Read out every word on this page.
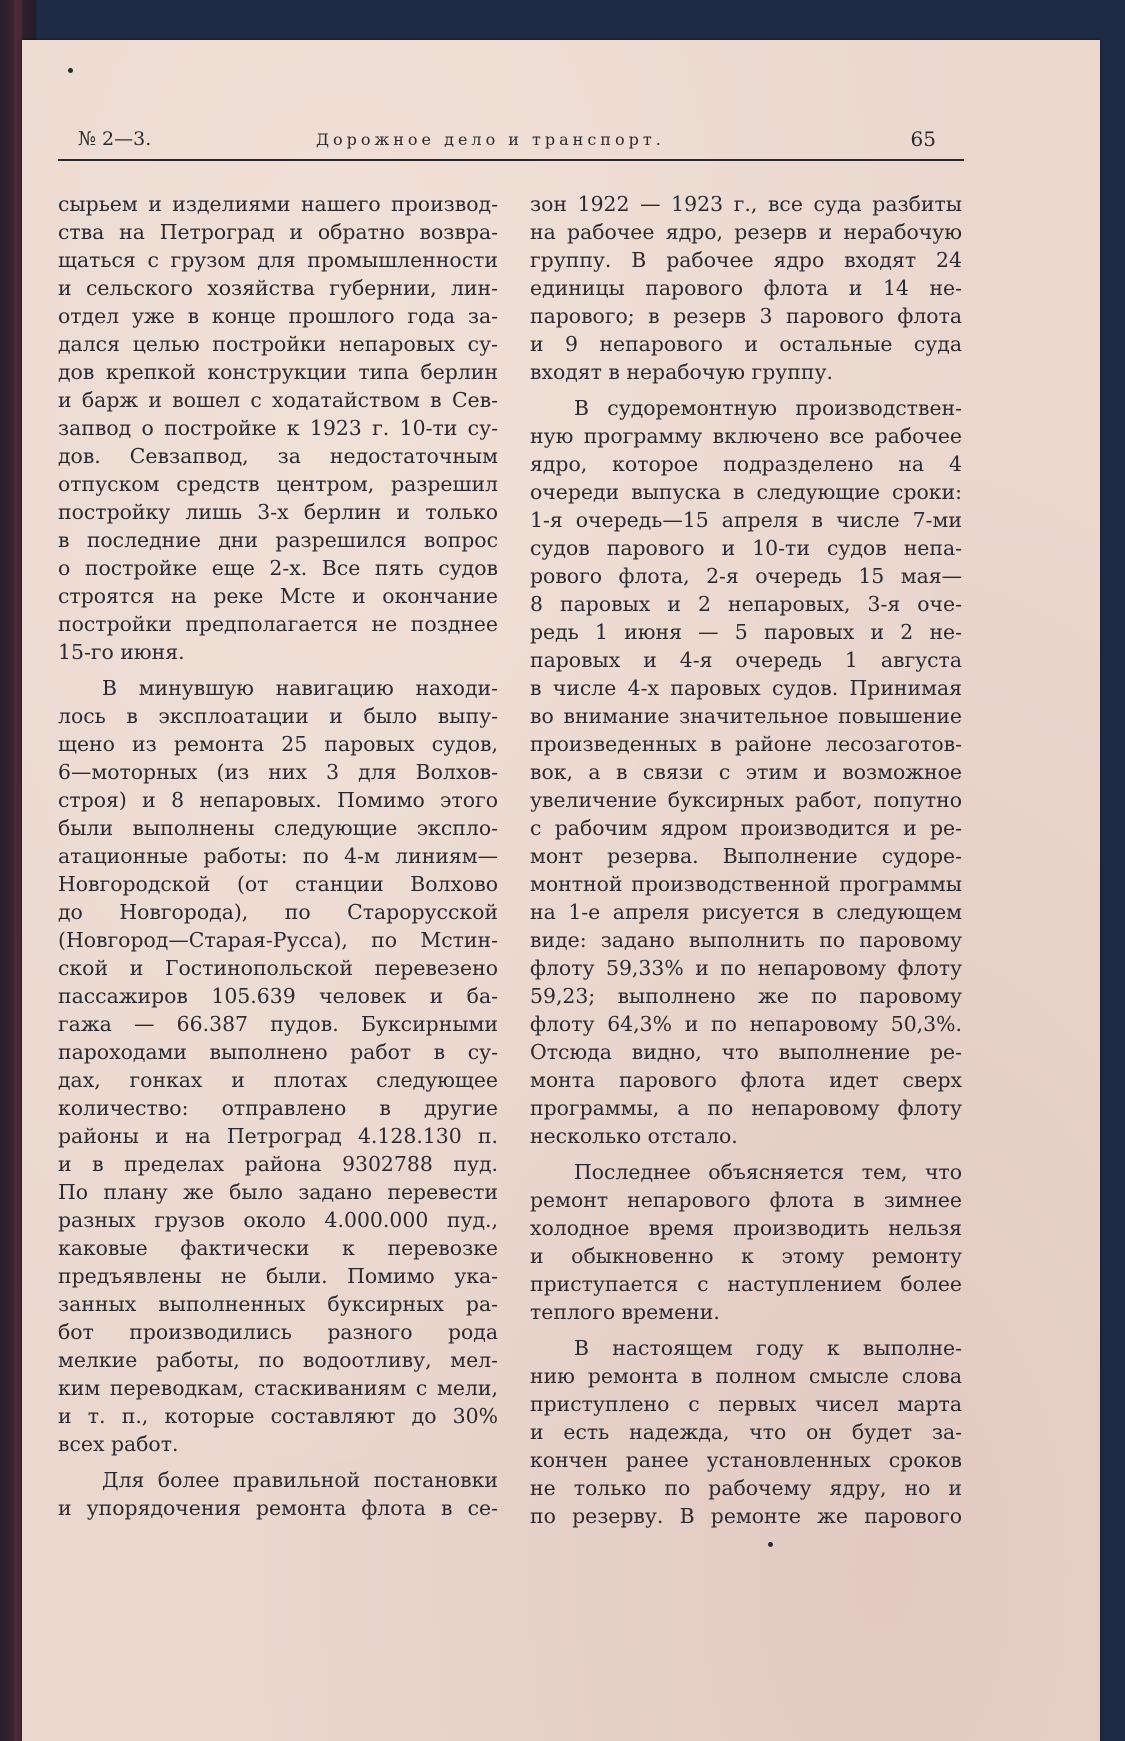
№ 2—3.	Дорожное дело и транспорт.	65
сырьем и изделиями нашего производ-
ства на Петроград и обратно возвра-
щаться с грузом для промышленности
и сельского хозяйства губернии, лин-
отдел уже в конце прошлого года за-
дался целью постройки непаровых су-
дов крепкой конструкции типа берлин
и барж и вошел с ходатайством в Сев-
запвод о постройке к 1923 г. 10-ти су-
дов. Севзапвод, за недостаточным
отпуском средств центром, разрешил
постройку лишь 3-х берлин и только
в последние дни разрешился вопрос
о постройке еще 2-х. Все пять судов
строятся на реке Мсте и окончание
постройки предполагается не позднее
15-го июня.
В минувшую навигацию находи-
лось в эксплоатации и было выпу-
щено из ремонта 25 паровых судов,
6—моторных (из них 3 для Волхов-
строя) и 8 непаровых. Помимо этого
были выполнены следующие экспло-
атационные работы: по 4-м линиям—
Новгородской (от станции Волхово
до Новгорода), по Старорусской
(Новгород—Старая-Русса), по Мстин-
ской и Гостинопольской перевезено
пассажиров 105.639 человек и ба-
гажа — 66.387 пудов. Буксирными
пароходами выполнено работ в су-
дах, гонках и плотах следующее
количество: отправлено в другие
районы и на Петроград 4.128.130 п.
и в пределах района 9302788 пуд.
По плану же было задано перевести
разных грузов около 4.000.000 пуд.,
каковые фактически к перевозке
предъявлены не были. Помимо ука-
занных выполненных буксирных ра-
бот производились разного рода
мелкие работы, по водоотливу, мел-
ким переводкам, стаскиваниям с мели,
и т. п., которые составляют до 30%
всех работ.
Для более правильной постановки
и упорядочения ремонта флота в се-
зон 1922 — 1923 г., все суда разбиты
на рабочее ядро, резерв и нерабочую
группу. В рабочее ядро входят 24
единицы парового флота и 14 не-
парового; в резерв 3 парового флота
и 9 непарового и остальные суда
входят в нерабочую группу.
В судоремонтную производствен-
ную программу включено все рабочее
ядро, которое подразделено на 4
очереди выпуска в следующие сроки:
1-я очередь—15 апреля в числе 7-ми
судов парового и 10-ти судов непа-
рового флота, 2-я очередь 15 мая—
8 паровых и 2 непаровых, 3-я оче-
редь 1 июня — 5 паровых и 2 не-
паровых и 4-я очередь 1 августа
в числе 4-х паровых судов. Принимая
во внимание значительное повышение
произведенных в районе лесозаготов-
вок, а в связи с этим и возможное
увеличение буксирных работ, попутно
с рабочим ядром производится и ре-
монт резерва. Выполнение судоре-
монтной производственной программы
на 1-е апреля рисуется в следующем
виде: задано выполнить по паровому
флоту 59,33% и по непаровому флоту
59,23; выполнено же по паровому
флоту 64,3% и по непаровому 50,3%.
Отсюда видно, что выполнение ре-
монта парового флота идет сверх
программы, а по непаровому флоту
несколько отстало.
Последнее объясняется тем, что
ремонт непарового флота в зимнее
холодное время производить нельзя
и обыкновенно к этому ремонту
приступается с наступлением более
теплого времени.
В настоящем году к выполне-
нию ремонта в полном смысле слова
приступлено с первых чисел марта
и есть надежда, что он будет за-
кончен ранее установленных сроков
не только по рабочему ядру, но и
по резерву. В ремонте же парового
